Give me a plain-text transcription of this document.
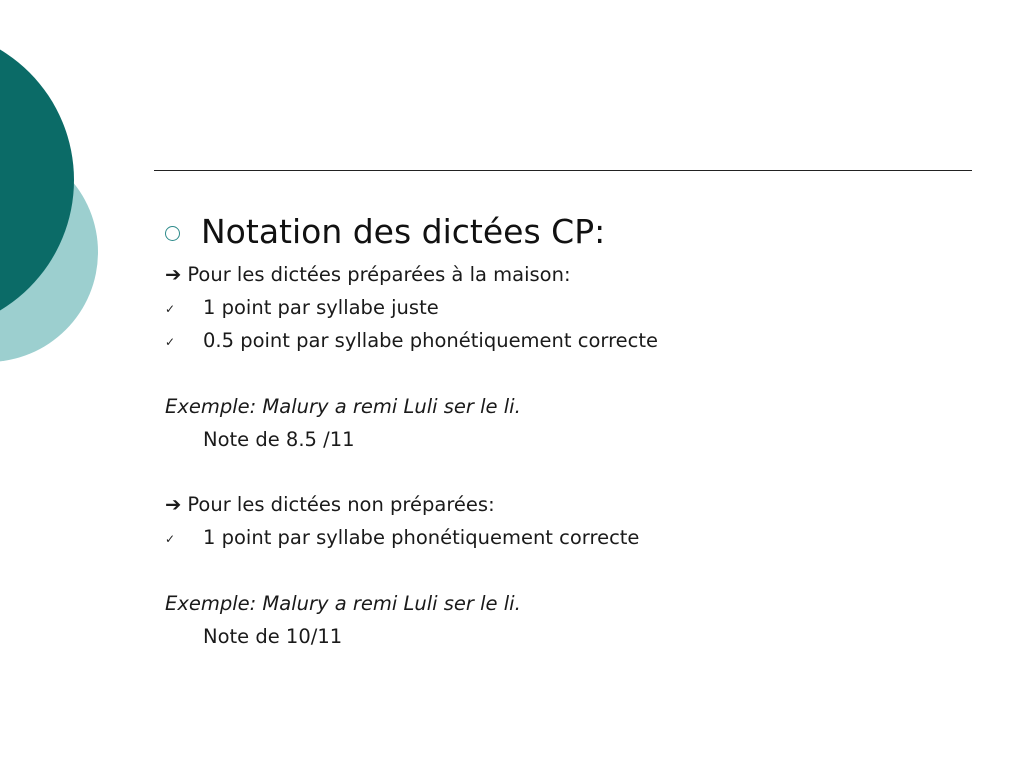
Notation des dictées CP:
➔ Pour les dictées préparées à la maison:
✓ 1 point par syllabe juste
✓ 0.5 point par syllabe phonétiquement correcte
Exemple: Malury a remi Luli ser le li.
Note de 8.5 /11
➔ Pour les dictées non préparées:
✓ 1 point par syllabe phonétiquement correcte
Exemple: Malury a remi Luli ser le li.
Note de 10/11
